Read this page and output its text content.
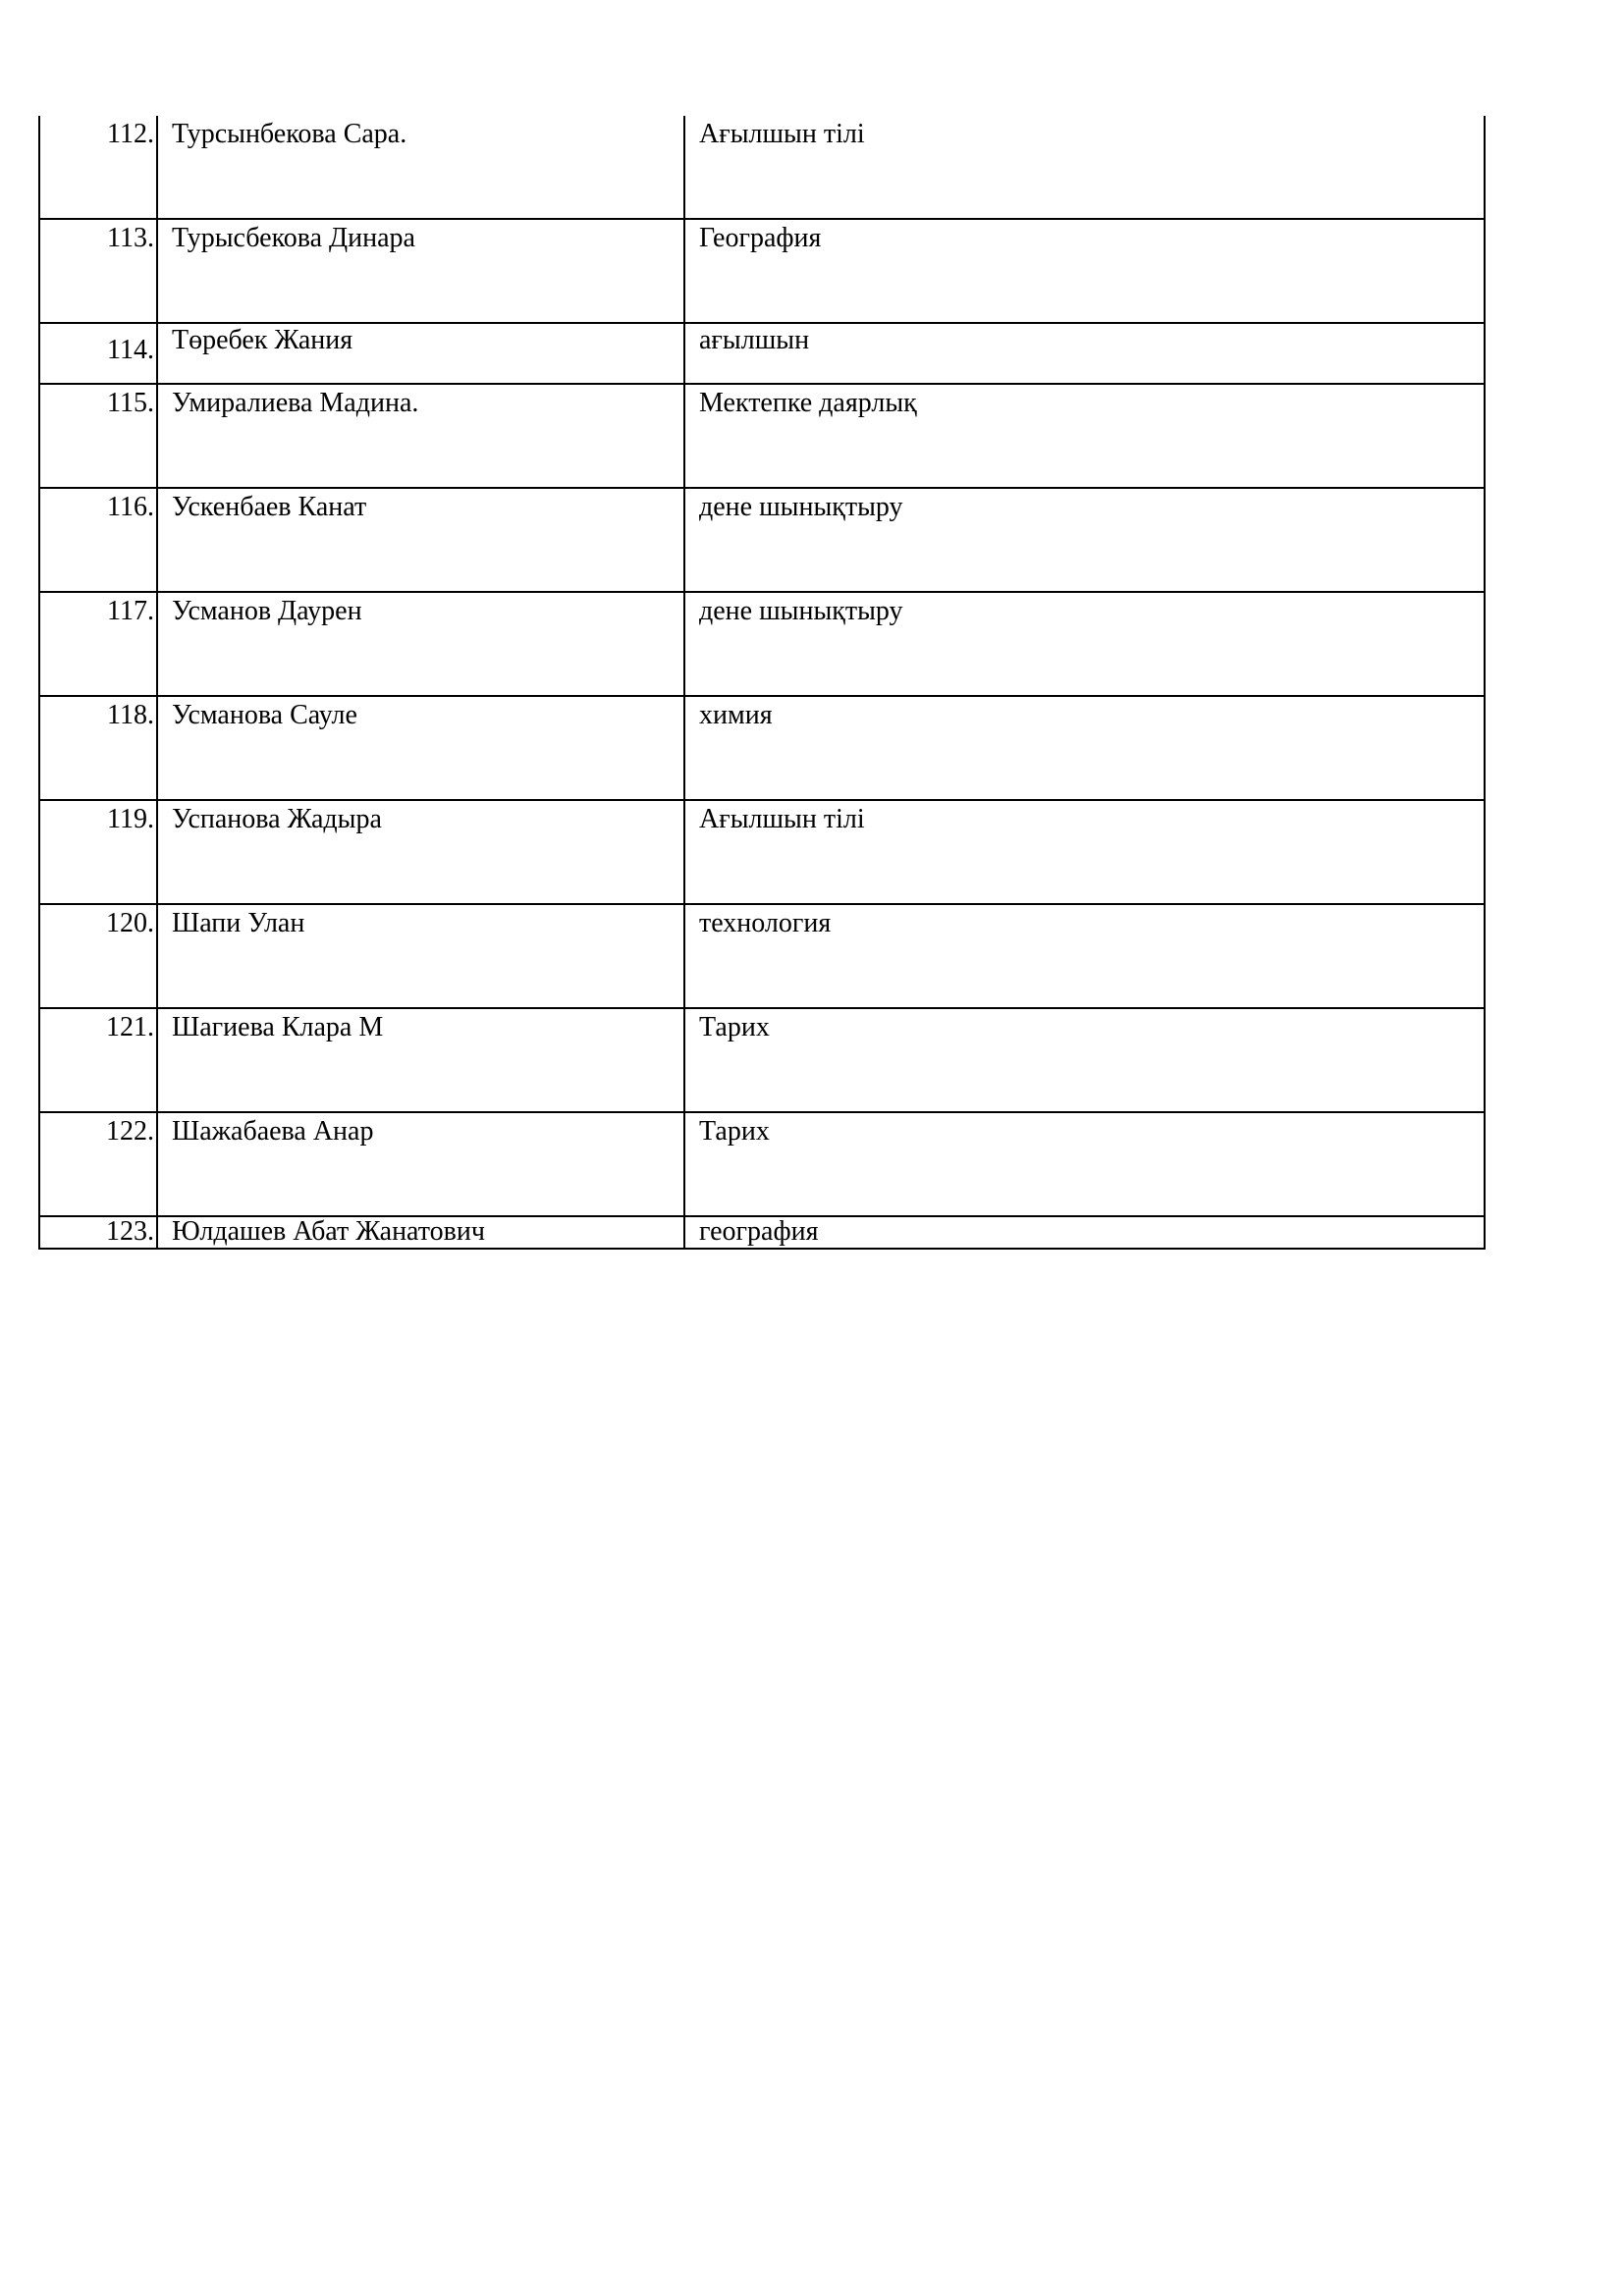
112.	Турсынбекова Сара.	Ағылшын тілі
113.	Турысбекова Динара	География
114.	Төребек Жания	ағылшын
115.	Умиралиева Мадина.	Мектепке даярлық
116.	Ускенбаев Канат	дене шынықтыру
117.	Усманов Даурен	дене шынықтыру
118.	Усманова Сауле	химия
119.	Успанова Жадыра	Ағылшын тілі
120.	Шапи Улан	технология
121.	Шагиева Клара М	Тарих
122.	Шажабаева Анар	Тарих
123.	Юлдашев Абат Жанатович	география
